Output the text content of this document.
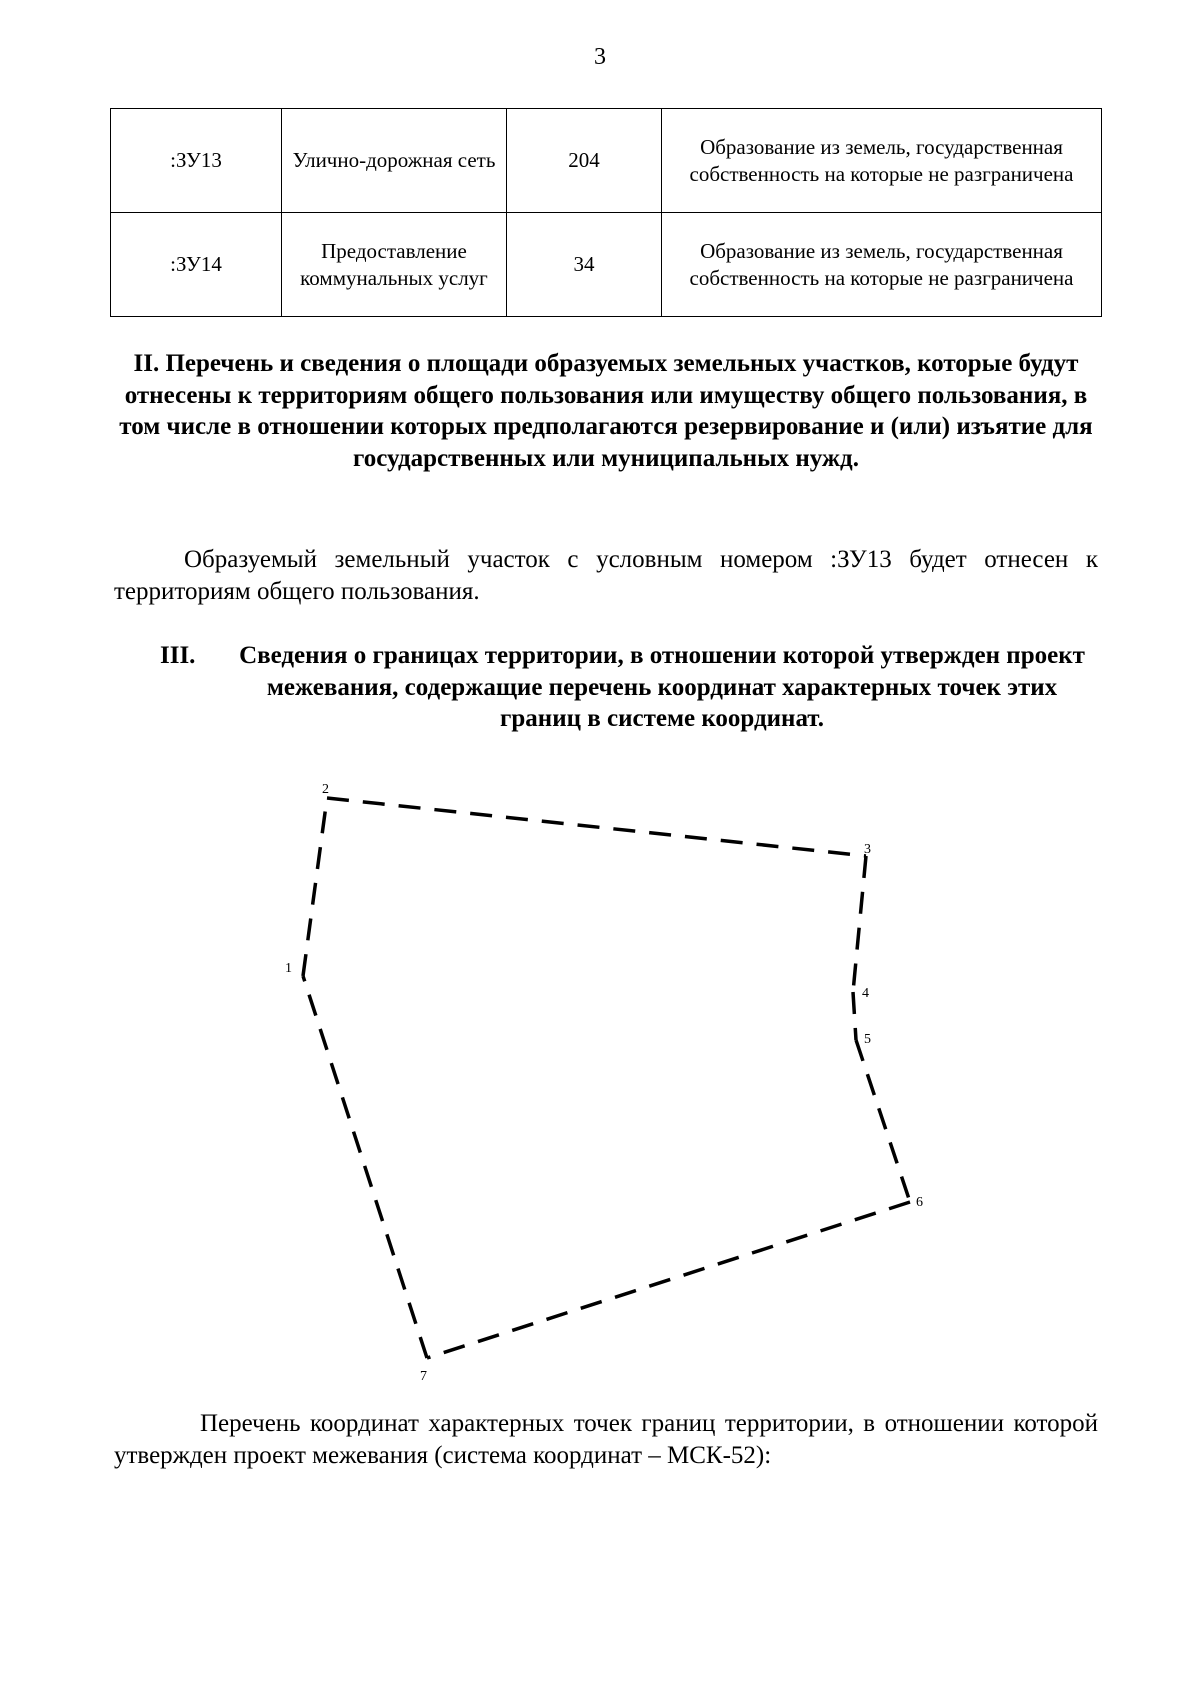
3
:ЗУ13	Улично-дорожная сеть	204	Образование из земель, государственная собственность на которые не разграничена
:ЗУ14	Предоставление коммунальных услуг	34	Образование из земель, государственная собственность на которые не разграничена
II. Перечень и сведения о площади образуемых земельных участков, которые будут отнесены к территориям общего пользования или имуществу общего пользования, в том числе в отношении которых предполагаются резервирование и (или) изъятие для государственных или муниципальных нужд.
Образуемый земельный участок с условным номером :ЗУ13 будет отнесен к территориям общего пользования.
III. Сведения о границах территории, в отношении которой утвержден проект межевания, содержащие перечень координат характерных точек этих границ в системе координат.
1
2
3
4
5
6
7
Перечень координат характерных точек границ территории, в отношении которой утвержден проект межевания (система координат – МСК-52):
